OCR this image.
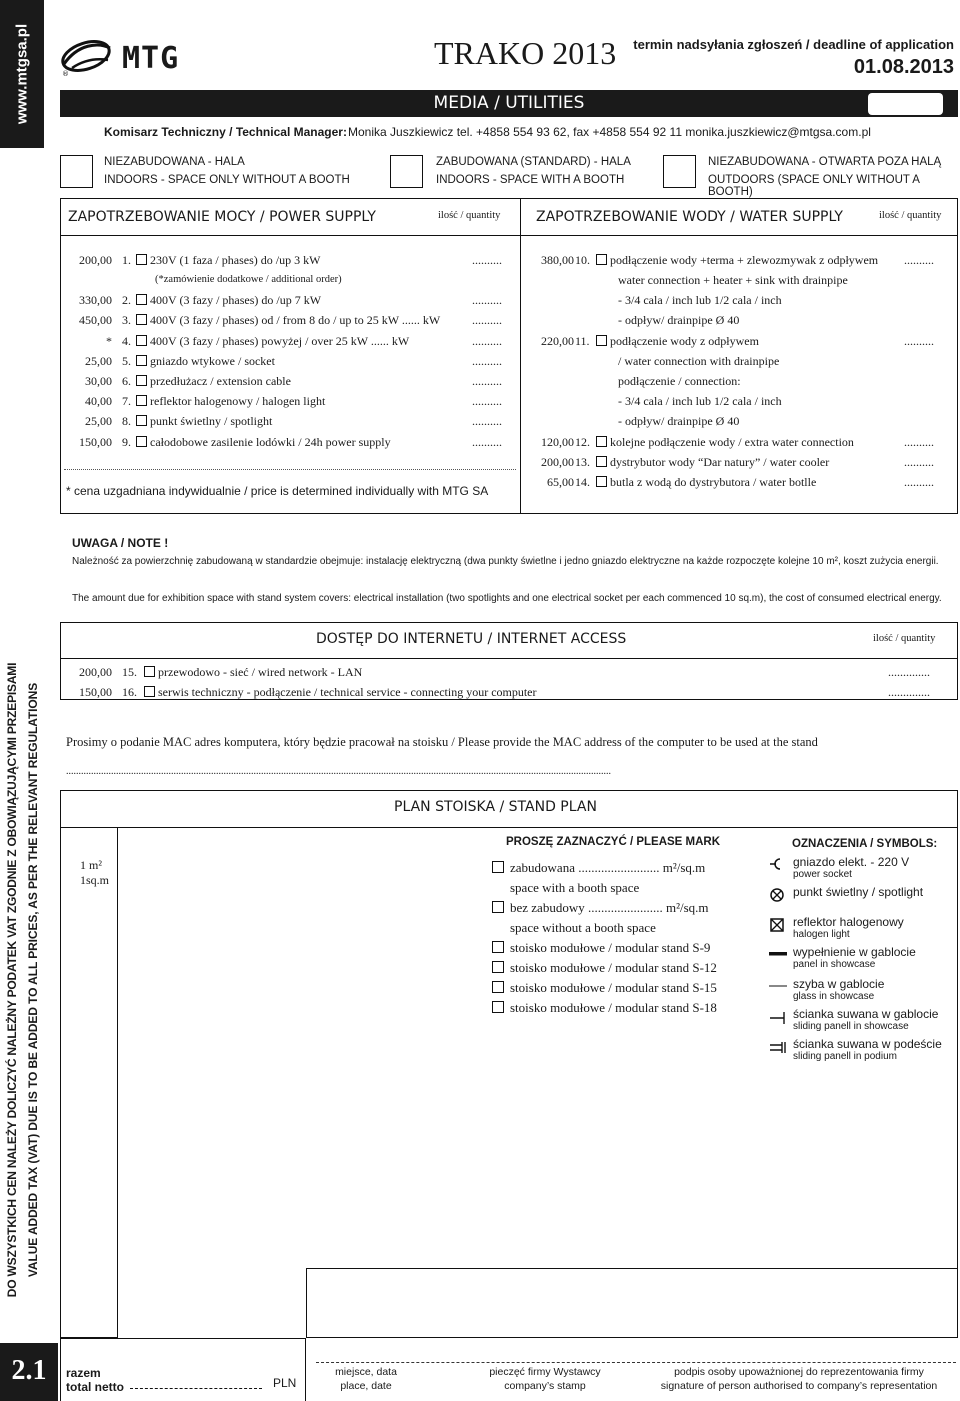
www.mtgsa.pl
DO WSZYSTKICH CEN NALEŻY DOLICZYĆ NALEŻNY PODATEK VAT ZGODNIE Z OBOWIĄZUJĄCYMI PRZEPISAMI VALUE ADDED TAX (VAT) DUE IS TO BE ADDED TO ALL PRICES, AS PER THE RELEVANT REGULATIONS
2.1
® MTG	TRAKO 2013	termin nadsyłania zgłoszeń / deadline of application
01.08.2013
MEDIA / UTILITIES
Komisarz Techniczny / Technical Manager: Monika Juszkiewicz tel. +4858 554 93 62, fax +4858 554 92 11 monika.juszkiewicz@mtgsa.com.pl
NIEZABUDOWANA - HALA
INDOORS - SPACE ONLY WITHOUT A BOOTH
ZABUDOWANA (STANDARD) - HALA
INDOORS - SPACE WITH A BOOTH
NIEZABUDOWANA - OTWARTA POZA HALĄ
OUTDOORS (SPACE ONLY WITHOUT A BOOTH)
ZAPOTRZEBOWANIE MOCY / POWER SUPPLY	ilość / quantity	ZAPOTRZEBOWANIE WODY / WATER SUPPLY	ilość / quantity
200,00 1.	230V (1 faza / phases) do /up 3 kW	..........
(*zamówienie dodatkowe / additional order)
330,00 2.	400V (3 fazy / phases) do /up 7 kW	..........
450,00 3.	400V (3 fazy / phases) od / from 8 do / up to 25 kW ...... kW	..........
* 4.	400V (3 fazy / phases) powyżej / over 25 kW ...... kW	..........
25,00 5.	gniazdo wtykowe / socket	..........
30,00 6.	przedłużacz / extension cable	..........
40,00 7.	reflektor halogenowy / halogen light	..........
25,00 8.	punkt świetlny / spotlight	..........
150,00 9.	całodobowe zasilenie lodówki / 24h power supply	..........
* cena uzgadniana indywidualnie / price is determined individually with MTG SA
380,00 10.	podłączenie wody +terma + zlewozmywak z odpływem ..........
water connection + heater + sink with drainpipe
- 3/4 cala / inch lub 1/2 cala / inch
- odpływ/ drainpipe Ø 40
220,00 11.	podłączenie wody z odpływem	..........
/ water connection with drainpipe
podłączenie / connection:
- 3/4 cala / inch lub 1/2 cala / inch
- odpływ/ drainpipe Ø 40
120,00 12.	kolejne podłączenie wody / extra water connection	..........
200,00 13.	dystrybutor wody “Dar natury” / water cooler	..........
65,00 14.	butla z wodą do dystrybutora / water botlle	..........
UWAGA / NOTE !
Należność za powierzchnię zabudowaną w standardzie obejmuje: instalację elektryczną (dwa punkty świetlne i jedno gniazdo elektryczne na każde rozpoczęte kolejne 10 m², koszt zużycia energii.
The amount due for exhibition space with stand system covers: electrical installation (two spotlights and one electrical socket per each commenced 10 sq.m), the cost of consumed electrical energy.
DOSTĘP DO INTERNETU / INTERNET ACCESS	ilość / quantity
200,00 15.	przewodowo - sieć / wired network - LAN	..............
150,00 16.	serwis techniczny - podłączenie / technical service - connecting your computer	..............
Prosimy o podanie MAC adres komputera, który będzie pracował na stoisku / Please provide the MAC address of the computer to be used at the stand
..........................................................................................................................................................................................................................
PLAN STOISKA / STAND PLAN
1 m²
1sq.m
PROSZĘ ZAZNACZYĆ / PLEASE MARK
zabudowana ......................... m²/sq.m
space with a booth space
bez zabudowy ....................... m²/sq.m
space without a booth space
stoisko modułowe / modular stand S-9
stoisko modułowe / modular stand S-12
stoisko modułowe / modular stand S-15
stoisko modułowe / modular stand S-18
OZNACZENIA / SYMBOLS:
gniazdo elekt. - 220 V
power socket
punkt świetlny / spotlight
reflektor halogenowy
halogen light
wypełnienie w gablocie
panel in showcase
szyba w gablocie
glass in showcase
ścianka suwana w gablocie
sliding panell in showcase
ścianka suwana w podeście
sliding panell in podium
razem
total netto	PLN
miejsce, data
place, date
pieczęć firmy Wystawcy
company’s stamp
podpis osoby upoważnionej do reprezentowania firmy
signature of person authorised to company’s representation
